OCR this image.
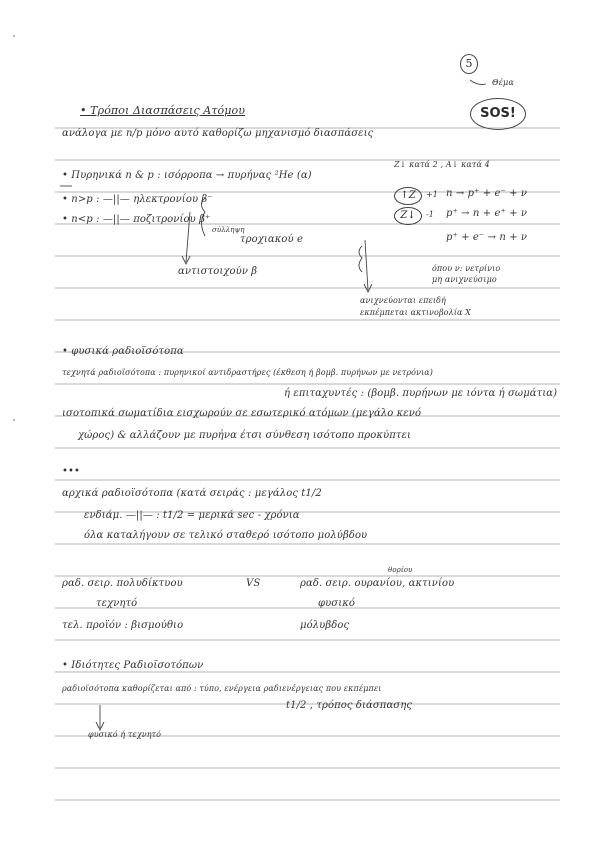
5
Θέμα
SOS!
• Τρόποι Διασπάσεις Ατόμου
ανάλογα με n/p μόνο αυτό καθορίζω μηχανισμό διασπάσεις
Z↓ κατά 2 , A↓ κατά 4
• Πυρηνικά n & p : ισόρροπα → πυρήνας ²He (α)
• n>p : —||— ηλεκτρονίου β⁻
• n<p : —||— ποζιτρονίου β⁺
τροχιακού e
σύλληψη
↑Z
Z↓
+1
-1
n → p⁺ + e⁻ + ν
p⁺ → n + e⁺ + ν
p⁺ + e⁻ → n + ν
όπου ν: νετρίνιο
μη ανιχνεύσιμο
αντιστοιχούν β
ανιχνεύονται επειδή
εκπέμπεται ακτινοβολία X
• φυσικά ραδιοϊσότοπα
τεχνητά ραδιοϊσότοπα : πυρηνικοί αντιδραστήρες (έκθεση ή βομβ. πυρήνων με νετρόνια)
ή επιταχυντές : (βομβ. πυρήνων με ιόντα ή σωμάτια)
ισοτοπικά σωματίδια εισχωρούν σε εσωτερικό ατόμων (μεγάλο κενό
χώρος) & αλλάζουν με πυρήνα έτσι σύνθεση ισότοπο προκύπτει
•••
αρχικά ραδιοϊσότοπα (κατά σειράς : μεγάλος t1/2
ενδιάμ. —||— : t1/2 = μερικά sec - χρόνια
όλα καταλήγουν σε τελικό σταθερό ισότοπο μολύβδου
θορίου
ραδ. σειρ. πολυδίκτυου	VS	ραδ. σειρ. ουρανίου, ακτινίου
τεχνητό	φυσικό
τελ. προϊόν : βισμούθιο	μόλυβδος
• Ιδιότητες Ραδιοϊσοτόπων
ραδιοϊσότοπα καθορίζεται από : τύπο, ενέργεια ραδιενέργειας που εκπέμπει
t1/2 , τρόπος διάσπασης
φυσικό ή τεχνητό
